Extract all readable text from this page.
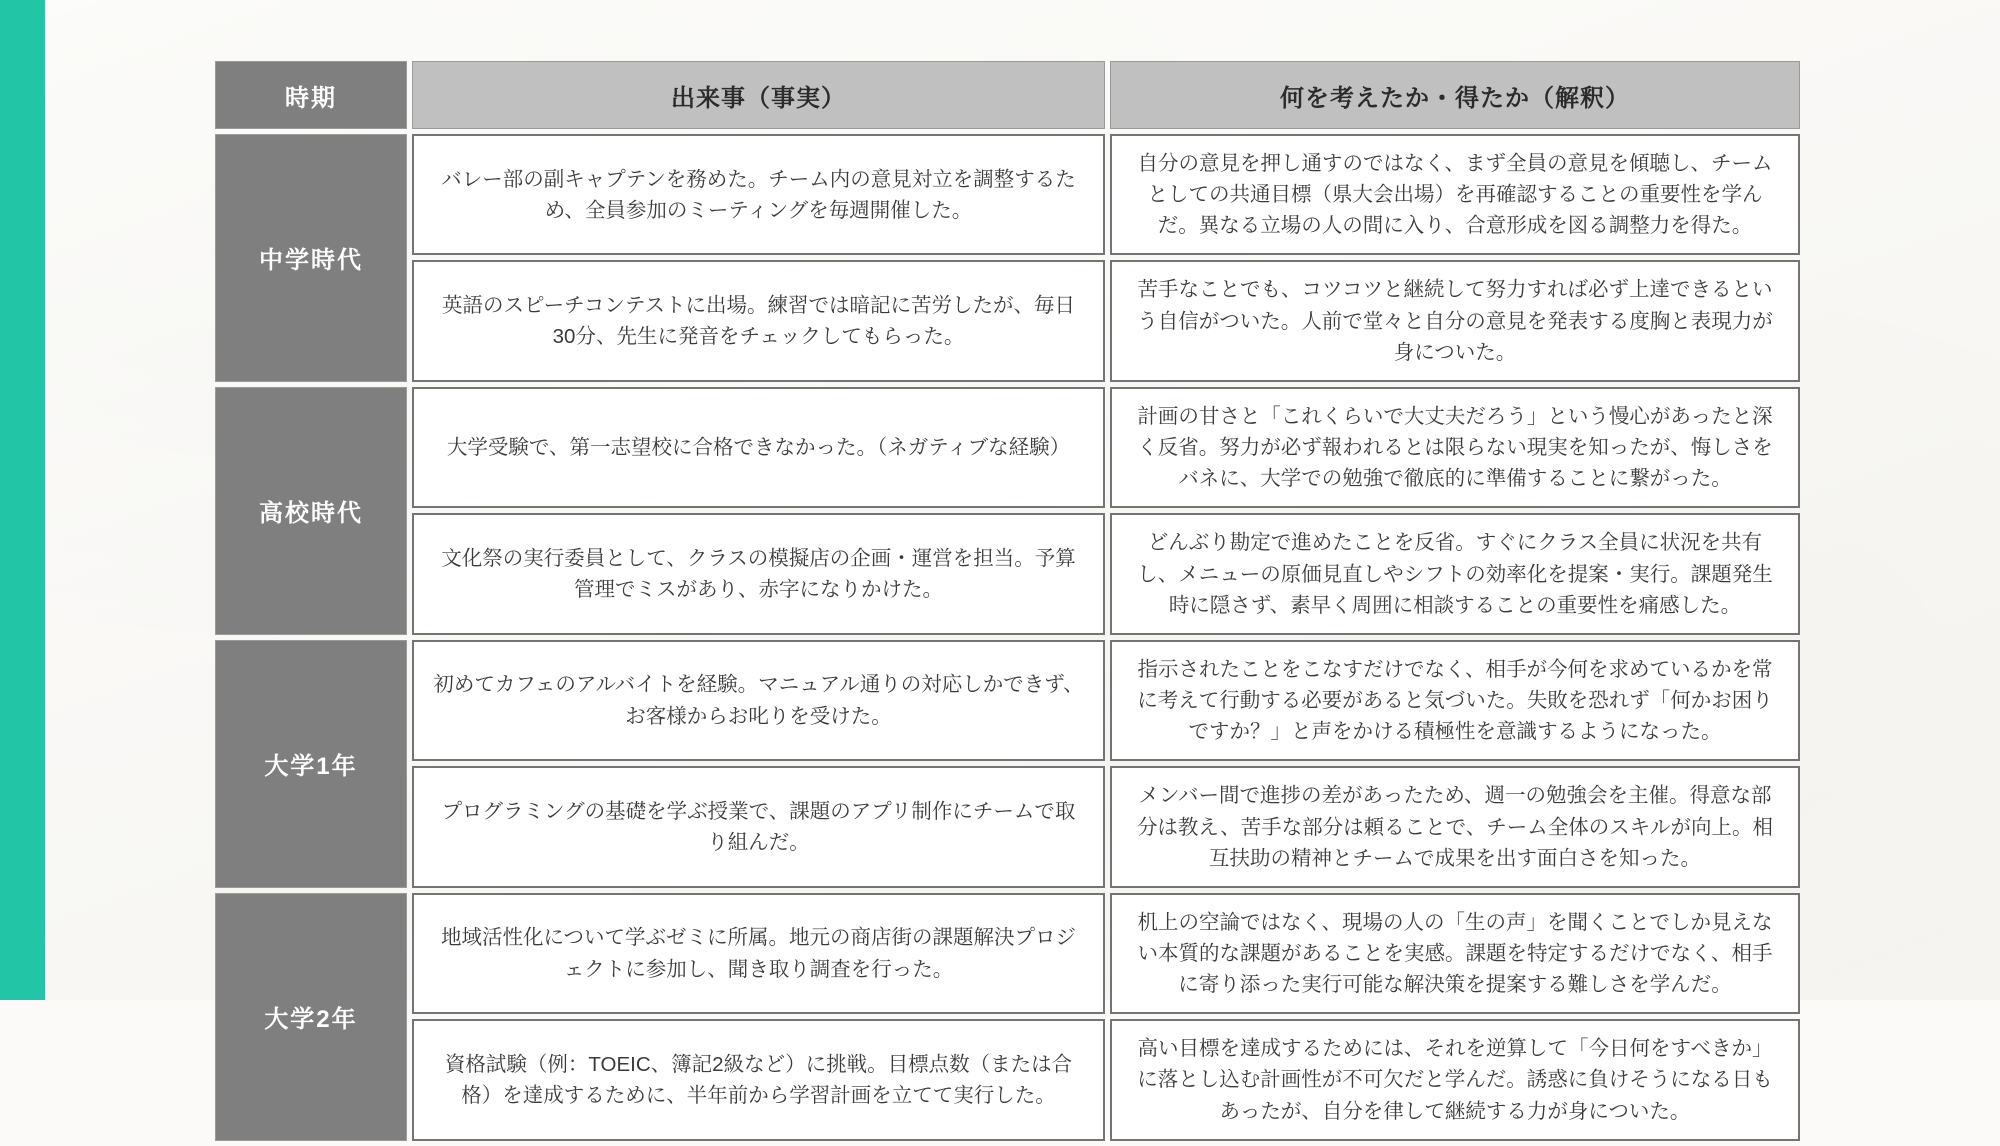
時期	出来事（事実）	何を考えたか・得たか（解釈）
中学時代	バレー部の副キャプテンを務めた。チーム内の意見対立を調整するため、全員参加のミーティングを毎週開催した。	自分の意見を押し通すのではなく、まず全員の意見を傾聴し、チームとしての共通目標（県大会出場）を再確認することの重要性を学んだ。異なる立場の人の間に入り、合意形成を図る調整力を得た。

	英語のスピーチコンテストに出場。練習では暗記に苦労したが、毎日30分、先生に発音をチェックしてもらった。	苦手なことでも、コツコツと継続して努力すれば必ず上達できるという自信がついた。人前で堂々と自分の意見を発表する度胸と表現力が身についた。

高校時代	大学受験で、第一志望校に合格できなかった。（ネガティブな経験）	計画の甘さと「これくらいで大丈夫だろう」という慢心があったと深く反省。努力が必ず報われるとは限らない現実を知ったが、悔しさをバネに、大学での勉強で徹底的に準備することに繋がった。

	文化祭の実行委員として、クラスの模擬店の企画・運営を担当。予算管理でミスがあり、赤字になりかけた。	どんぶり勘定で進めたことを反省。すぐにクラス全員に状況を共有し、メニューの原価見直しやシフトの効率化を提案・実行。課題発生時に隠さず、素早く周囲に相談することの重要性を痛感した。

大学1年	初めてカフェのアルバイトを経験。マニュアル通りの対応しかできず、お客様からお叱りを受けた。	指示されたことをこなすだけでなく、相手が今何を求めているかを常に考えて行動する必要があると気づいた。失敗を恐れず「何かお困りですか？」と声をかける積極性を意識するようになった。

	プログラミングの基礎を学ぶ授業で、課題のアプリ制作にチームで取り組んだ。	メンバー間で進捗の差があったため、週一の勉強会を主催。得意な部分は教え、苦手な部分は頼ることで、チーム全体のスキルが向上。相互扶助の精神とチームで成果を出す面白さを知った。

大学2年	地域活性化について学ぶゼミに所属。地元の商店街の課題解決プロジェクトに参加し、聞き取り調査を行った。	机上の空論ではなく、現場の人の「生の声」を聞くことでしか見えない本質的な課題があることを実感。課題を特定するだけでなく、相手に寄り添った実行可能な解決策を提案する難しさを学んだ。

	資格試験（例：TOEIC、簿記2級など）に挑戦。目標点数（または合格）を達成するために、半年前から学習計画を立てて実行した。	高い目標を達成するためには、それを逆算して「今日何をすべきか」に落とし込む計画性が不可欠だと学んだ。誘惑に負けそうになる日もあったが、自分を律して継続する力が身についた。
